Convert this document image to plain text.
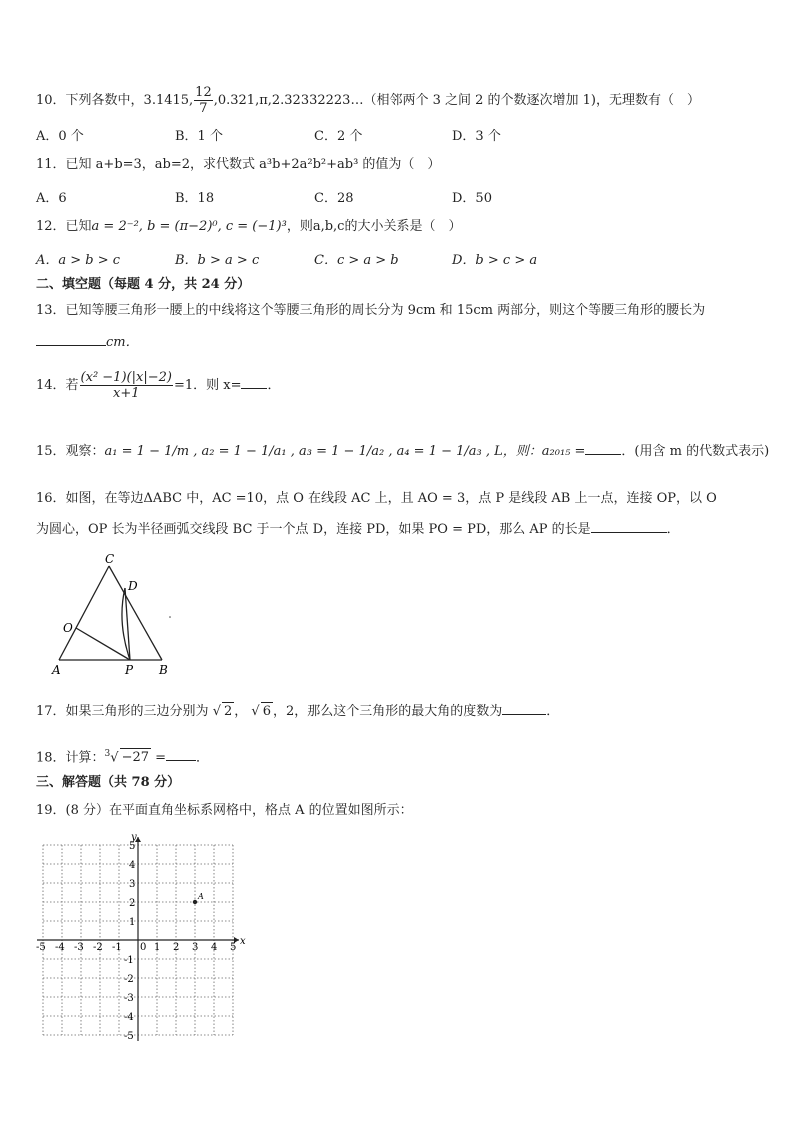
10．下列各数中，3.1415, $\frac{12}{7}$ ,0.321,π,2.32332223…（相邻两个 3 之间 2 的个数逐次增加 1)，无理数有（　）
A．0 个	B．1 个	C．2 个	D．3 个
11．已知 a+b=3，ab=2，求代数式 a³b+2a²b²+ab³ 的值为（　）
A．6	B．18	C．28	D．50
12．已知a = 2⁻², b = (π−2)⁰, c = (−1)³，则a,b,c的大小关系是（　）
A．a > b > c	B．b > a > c	C．c > a > b	D．b > c > a
二、填空题（每题 4 分，共 24 分）
13．已知等腰三角形一腰上的中线将这个等腰三角形的周长分为 9cm 和 15cm 两部分，则这个等腰三角形的腰长为
cm．
14．若 $\frac{\text{(x² −1)(|x|−2)}}{x+1} =1$．则 x= ．
15．观察：a₁ = 1 − 1/m , a₂ = 1 − 1/a₁ , a₃ = 1 − 1/a₂ , a₄ = 1 − 1/a₃ , L，则：a₂₀₁₅ =	．(用含 m 的代数式表示)
16．如图，在等边ΔABC 中，AC =10，点 O 在线段 AC 上，且 AO = 3，点 P 是线段 AB 上一点，连接 OP，以 O
为圆心，OP 长为半径画弧交线段 BC 于一个点 D，连接 PD，如果 PO = PD，那么 AP 的长是	．
C
D
O
A	P B
17．如果三角形的三边分别为 √ 2 ， √ 6 ，2，那么这个三角形的最大角的度数为	．
18．计算：$^3$√ −27 = ．
三、解答题（共 78 分）
19．(8 分）在平面直角坐标系网格中，格点 A 的位置如图所示：
x
y
-5 -4 -3 -2 -1 0 1 2 3 4 5
5
4
3
2
1
-1
-2
-3
-4
-5
A
